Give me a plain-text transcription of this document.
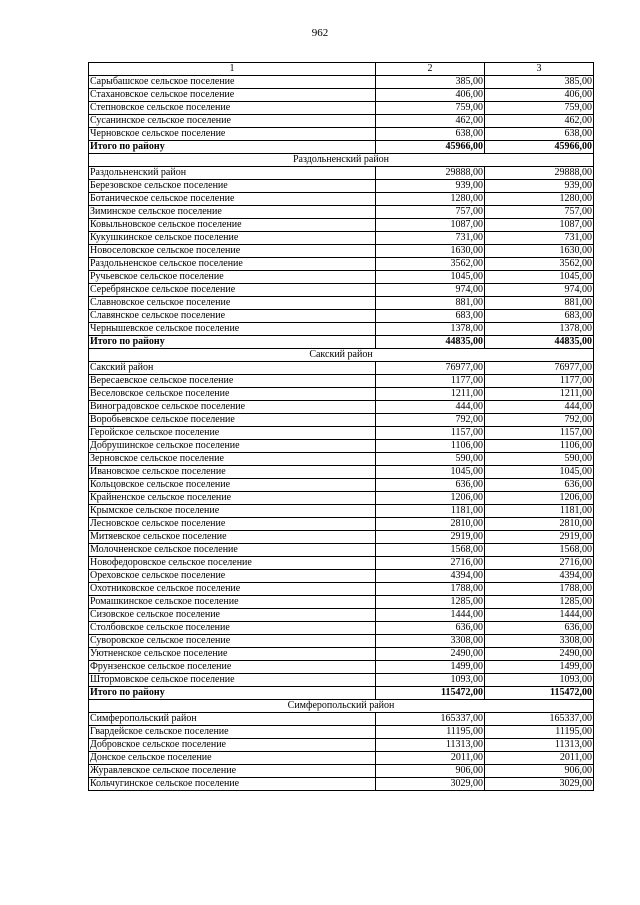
962
1	2	3
Сарыбашское сельское поселение	385,00	385,00
Стахановское сельское поселение	406,00	406,00
Степновское сельское поселение	759,00	759,00
Сусанинское сельское поселение	462,00	462,00
Черновское сельское поселение	638,00	638,00
Итого по району	45966,00	45966,00
Раздольненский район		
Раздольненский район	29888,00	29888,00
Березовское сельское поселение	939,00	939,00
Ботаническое сельское поселение	1280,00	1280,00
Зиминское сельское поселение	757,00	757,00
Ковыльновское сельское поселение	1087,00	1087,00
Кукушкинское сельское поселение	731,00	731,00
Новоселовское сельское поселение	1630,00	1630,00
Раздольненское сельское поселение	3562,00	3562,00
Ручьевское сельское поселение	1045,00	1045,00
Серебрянское сельское поселение	974,00	974,00
Славновское сельское поселение	881,00	881,00
Славянское сельское поселение	683,00	683,00
Чернышевское сельское поселение	1378,00	1378,00
Итого по району	44835,00	44835,00
Сакский район		
Сакский район	76977,00	76977,00
Вересаевское сельское поселение	1177,00	1177,00
Веселовское сельское поселение	1211,00	1211,00
Виноградовское сельское поселение	444,00	444,00
Воробьевское сельское поселение	792,00	792,00
Геройское сельское поселение	1157,00	1157,00
Добрушинское сельское поселение	1106,00	1106,00
Зерновское сельское поселение	590,00	590,00
Ивановское сельское поселение	1045,00	1045,00
Кольцовское сельское поселение	636,00	636,00
Крайненское сельское поселение	1206,00	1206,00
Крымское сельское поселение	1181,00	1181,00
Лесновское сельское поселение	2810,00	2810,00
Митяевское сельское поселение	2919,00	2919,00
Молочненское сельское поселение	1568,00	1568,00
Новофедоровское сельское поселение	2716,00	2716,00
Ореховское сельское поселение	4394,00	4394,00
Охотниковское сельское поселение	1788,00	1788,00
Ромашкинское сельское поселение	1285,00	1285,00
Сизовское сельское поселение	1444,00	1444,00
Столбовское сельское поселение	636,00	636,00
Суворовское сельское поселение	3308,00	3308,00
Уютненское сельское поселение	2490,00	2490,00
Фрунзенское сельское поселение	1499,00	1499,00
Штормовское сельское поселение	1093,00	1093,00
Итого по району	115472,00	115472,00
Симферопольский район		
Симферопольский район	165337,00	165337,00
Гвардейское сельское поселение	11195,00	11195,00
Добровское сельское поселение	11313,00	11313,00
Донское сельское поселение	2011,00	2011,00
Журавлевское сельское поселение	906,00	906,00
Кольчугинское сельское поселение	3029,00	3029,00
